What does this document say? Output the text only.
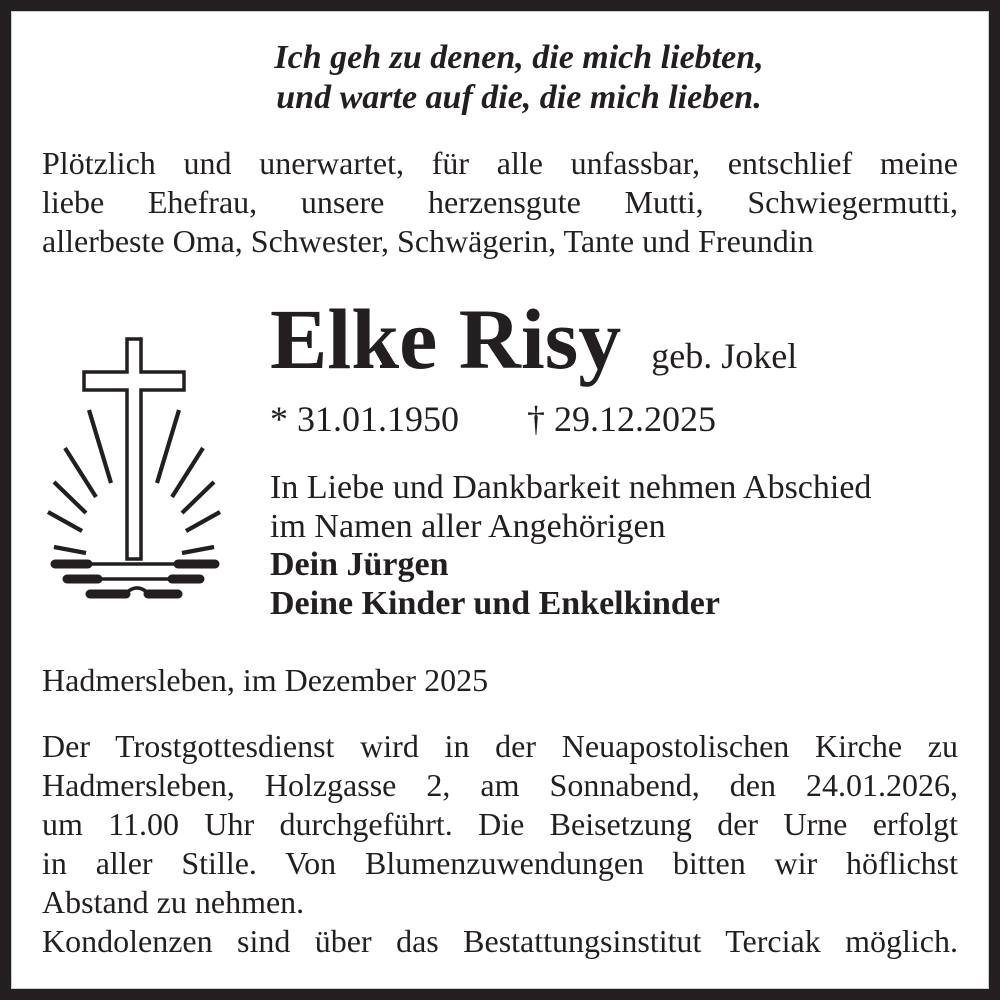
Ich geh zu denen, die mich liebten,
und warte auf die, die mich lieben.
Plötzlich und unerwartet, für alle unfassbar, entschlief meine
liebe Ehefrau, unsere herzensgute Mutti, Schwiegermutti,
allerbeste Oma, Schwester, Schwägerin, Tante und Freundin
Elke Risy geb. Jokel
* 31.01.1950 † 29.12.2025
In Liebe und Dankbarkeit nehmen Abschied
im Namen aller Angehörigen
Dein Jürgen
Deine Kinder und Enkelkinder
Hadmersleben, im Dezember 2025
Der Trostgottesdienst wird in der Neuapostolischen Kirche zu
Hadmersleben, Holzgasse 2, am Sonnabend, den 24.01.2026,
um 11.00 Uhr durchgeführt. Die Beisetzung der Urne erfolgt
in aller Stille. Von Blumenzuwendungen bitten wir höflichst
Abstand zu nehmen.
Kondolenzen sind über das Bestattungsinstitut Terciak möglich.
